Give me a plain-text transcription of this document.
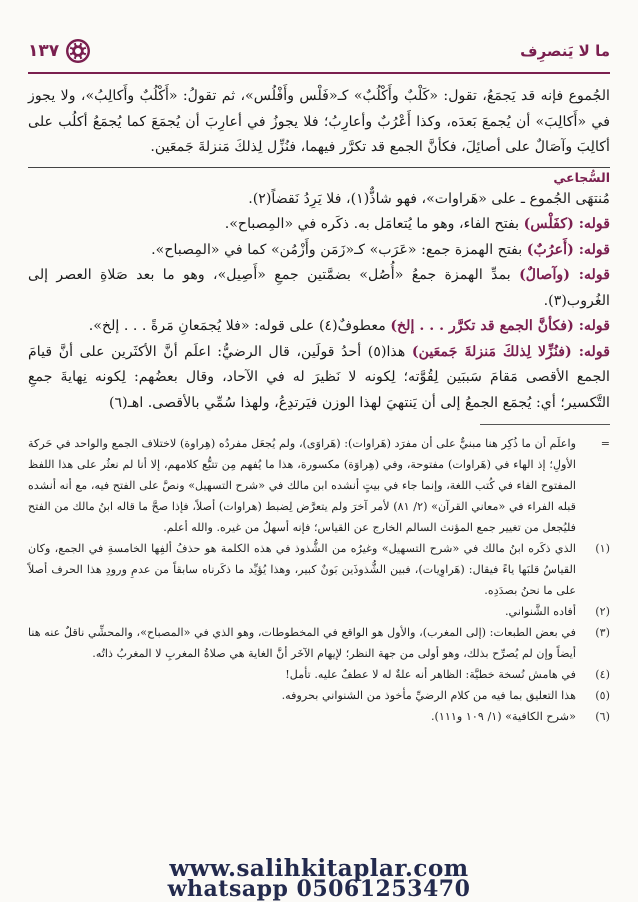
ما لا يَنصرِف
١٣٧

الجُموع فإنه قد يَجمَعُ، تقول: «كَلْبٌ وأَكْلُبٌ» كـ«فَلْس وأَفْلُس»، ثم تقولُ: «أَكْلُبٌ وأَكالِبُ»، ولا يجوز في «أَكالِبَ» أن يُجمعَ بَعدَه، وكذا أَعْرُبٌ وأعارِبُ؛ فلا يجوزُ في أعارِبَ أن يُجمَعَ كما يُجمَعُ أكلُب على أكالِبَ وآصَالٌ على أصائِلَ، فكأنَّ الجمع قد تكرَّر فيهما، فنُزِّل لِذلكَ مَنزلةَ جَمعَين.

السُّجاعي

مُنتهَى الجُموع ـ على «هَراوات»، فهو شاذٌّ(١)، فلا يَرِدُ نَقضاً(٢).

قوله: (كفَلْس) بفتح الفاء، وهو ما يُتعامَل به. ذكَره في «المِصباح».

قوله: (أَعرُبٌ) بفتح الهمزة جمع: «عَرَب» كـ«زَمَن وأَزْمُن» كما في «المِصباح».

قوله: (وآصالٌ) بمدِّ الهمزة جمعُ «أُصُل» بضمَّتين جمعِ «أَصِيل»، وهو ما بعد صَلاةِ العصر إلى الغُروب(٣).

قوله: (فكأنَّ الجمع قد تكرَّر . . . إلخ) معطوفٌ(٤) على قوله: «فلا يُجمَعانِ مَرةً . . . إلخ».

قوله: (فنُزِّلا لِذلكَ مَنزلةَ جَمعَين) هذا(٥) أحدُ قولَين، قال الرضيُّ: اعلَم أنَّ الأكثَرين على أنَّ قيامَ الجمع الأقصى مَقامَ سَببَين لِقُوَّته؛ لِكونه لا نَظيرَ له في الآحاد، وقال بعضُهم: لِكونه نِهايةَ جمعِ التَّكسير؛ أي: يُجمَع الجمعُ إلى أن يَنتهيَ لهذا الوزن فيَرتدِعُ، ولهذا سُمِّي بالأقصى. اهـ(٦)

=
واعلَم أن ما ذُكِر هنا مبنيٌّ على أن مفرَد (هَراوات): (هَراوَى)، ولم يُجعَل مفردُه (هِراوة) لاختلاف الجمع والواحد في حَركة الأولِ؛ إذ الهاء في (هَراوات) مفتوحة، وفي (هِراوَة) مكسورة، هذا ما يُفهم مِن تتبُّع كلامهم، إلا أنا لم نعثُر على هذا اللفظ المفتوح الفاء في كُتب اللغة، وإنما جاء في بيتٍ أنشده ابن مالك في «شرح التسهيل» ونصَّ على الفتح فيه، مع أنه أنشده قبله الفراء في «معاني القرآن» (٢/ ٨١) لأمر آخرَ ولم يتعرَّض لِضبط (هراوات) أصلاً، فإذا صحَّ ما قاله ابنُ مالك من الفتح فليُجعل من تغيير جمع المؤنث السالم الخارج عن القياس؛ فإنه أسهلُ من غيره. والله أعلم.
(١)
الذي ذكَره ابنُ مالك في «شرح التسهيل» وغيرُه من الشُّذوذ في هذه الكلمة هو حذفُ ألفِها الخامسةِ في الجمع، وكان القياسُ قلبَها ياءً فيقال: (هَراوِيات)، فبين الشُّذوذَين بَونٌ كبير، وهذا يُؤيِّد ما ذكَرناه سابقاً من عدمِ ورودِ هذا الحرف أصلاً على ما نحنُ بصدَدِه.
(٢)
أفاده الشَّنواني.
(٣)
في بعض الطبعات: (إلى المغرب)، والأول هو الواقع في المخطوطات، وهو الذي في «المصباح»، والمحشِّي ناقلٌ عنه هنا أيضاً وإن لم يُصرِّح بذلك، وهو أولى من جهة النظر؛ لإيهام الآخَر أنَّ الغاية هي صلاةُ المغربِ لا المغربُ ذاتُه.
(٤)
في هامش نُسخة خطيَّة: الظاهر أنه علةٌ له لا عطفٌ عليه. تأمل!
(٥)
هذا التعليق بما فيه من كلام الرضيِّ مأخوذ من الشنواني بحروفه.
(٦)
«شرح الكافية» (١/ ١٠٩ و١١١).
www.salihkitaplar.com
whatsapp 05061253470
